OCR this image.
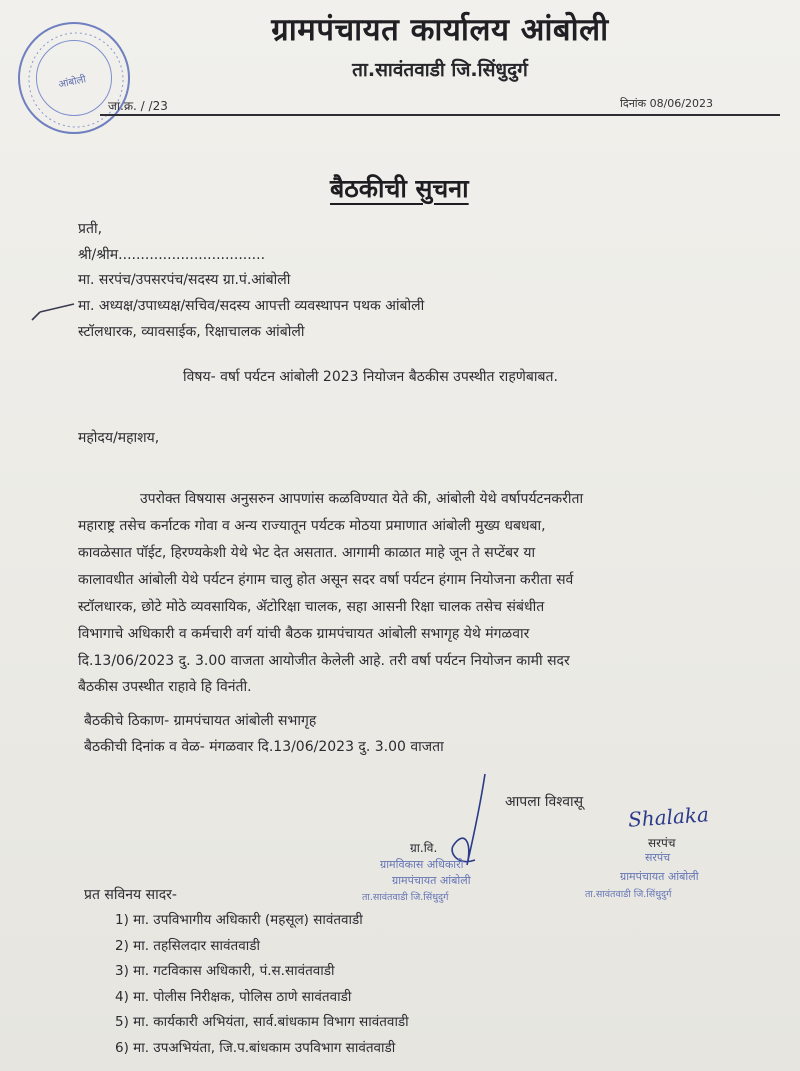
आंबोली
ग्रामपंचायत कार्यालय आंबोली
ता.सावंतवाडी जि.सिंधुदुर्ग
जा.क्र. / /23	दिनांक 08/06/2023
बैठकीची सुचना
प्रती,
श्री/श्रीम.................................
मा. सरपंच/उपसरपंच/सदस्य ग्रा.पं.आंबोली
मा. अध्यक्ष/उपाध्यक्ष/सचिव/सदस्य आपत्ती व्यवस्थापन पथक आंबोली
स्टॉलधारक, व्यावसाईक, रिक्षाचालक आंबोली
विषय- वर्षा पर्यटन आंबोली 2023 नियोजन बैठकीस उपस्थीत राहणेबाबत.
महोदय/महाशय,
उपरोक्त विषयास अनुसरुन आपणांस कळविण्यात येते की, आंबोली येथे वर्षापर्यटनकरीता
महाराष्ट्र तसेच कर्नाटक गोवा व अन्य राज्यातून पर्यटक मोठया प्रमाणात आंबोली मुख्य धबधबा,
कावळेसात पॉईट, हिरण्यकेशी येथे भेट देत असतात. आगामी काळात माहे जून ते सप्टेंबर या
कालावधीत आंबोली येथे पर्यटन हंगाम चालु होत असून सदर वर्षा पर्यटन हंगाम नियोजना करीता सर्व
स्टॉलधारक, छोटे मोठे व्यवसायिक, ॲटोरिक्षा चालक, सहा आसनी रिक्षा चालक तसेच संबंधीत
विभागाचे अधिकारी व कर्मचारी वर्ग यांची बैठक ग्रामपंचायत आंबोली सभागृह येथे मंगळवार
दि.13/06/2023 दु. 3.00 वाजता आयोजीत केलेली आहे. तरी वर्षा पर्यटन नियोजन कामी सदर
बैठकीस उपस्थीत राहावे हि विनंती.
बैठकीचे ठिकाण- ग्रामपंचायत आंबोली सभागृह
बैठकीची दिनांक व वेळ- मंगळवार दि.13/06/2023 दु. 3.00 वाजता
आपला विश्वासू
ग्रा.वि.
ग्रामविकास अधिकारी
ग्रामपंचायत आंबोली
ता.सावंतवाडी जि.सिंधुदुर्ग
Shalaka
सरपंच
सरपंच
ग्रामपंचायत आंबोली
ता.सावंतवाडी जि.सिंधुदुर्ग
प्रत सविनय सादर-
1) मा. उपविभागीय अधिकारी (महसूल) सावंतवाडी
2) मा. तहसिलदार सावंतवाडी
3) मा. गटविकास अधिकारी, पं.स.सावंतवाडी
4) मा. पोलीस निरीक्षक, पोलिस ठाणे सावंतवाडी
5) मा. कार्यकारी अभियंता, सार्व.बांधकाम विभाग सावंतवाडी
6) मा. उपअभियंता, जि.प.बांधकाम उपविभाग सावंतवाडी
